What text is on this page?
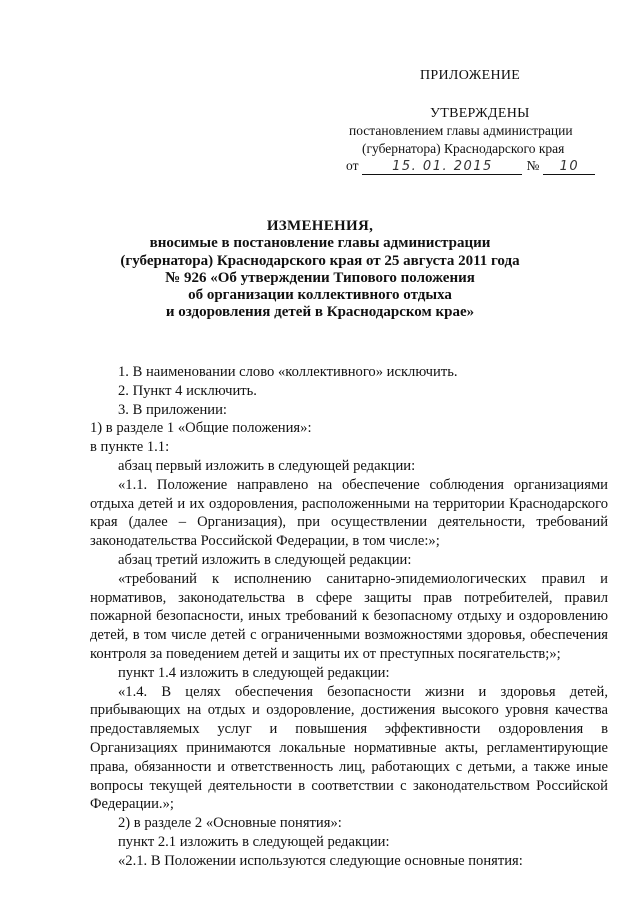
ПРИЛОЖЕНИЕ
УТВЕРЖДЕНЫ
постановлением главы администрации
(губернатора) Краснодарского края
от	15. 01. 2015 № 10
ИЗМЕНЕНИЯ,
вносимые в постановление главы администрации
(губернатора) Краснодарского края от 25 августа 2011 года
№ 926 «Об утверждении Типового положения
об организации коллективного отдыха
и оздоровления детей в Краснодарском крае»

1. В наименовании слово «коллективного» исключить.

2. Пункт 4 исключить.

3. В приложении:

1) в разделе 1 «Общие положения»:

в пункте 1.1:

абзац первый изложить в следующей редакции:

«1.1. Положение направлено на обеспечение соблюдения организациями отдыха детей и их оздоровления, расположенными на территории Краснодарского края (далее – Организация), при осуществлении деятельности, требований законодательства Российской Федерации, в том числе:»;

абзац третий изложить в следующей редакции:

«требований к исполнению санитарно-эпидемиологических правил и нормативов, законодательства в сфере защиты прав потребителей, правил пожарной безопасности, иных требований к безопасному отдыху и оздоровлению детей, в том числе детей с ограниченными возможностями здоровья, обеспечения контроля за поведением детей и защиты их от преступных посягательств;»;

пункт 1.4 изложить в следующей редакции:

«1.4. В целях обеспечения безопасности жизни и здоровья детей, прибывающих на отдых и оздоровление, достижения высокого уровня качества предоставляемых услуг и повышения эффективности оздоровления в Организациях принимаются локальные нормативные акты, регламентирующие права, обязанности и ответственность лиц, работающих с детьми, а также иные вопросы текущей деятельности в соответствии с законодательством Российской Федерации.»;

2) в разделе 2 «Основные понятия»:

пункт 2.1 изложить в следующей редакции:

«2.1. В Положении используются следующие основные понятия:
